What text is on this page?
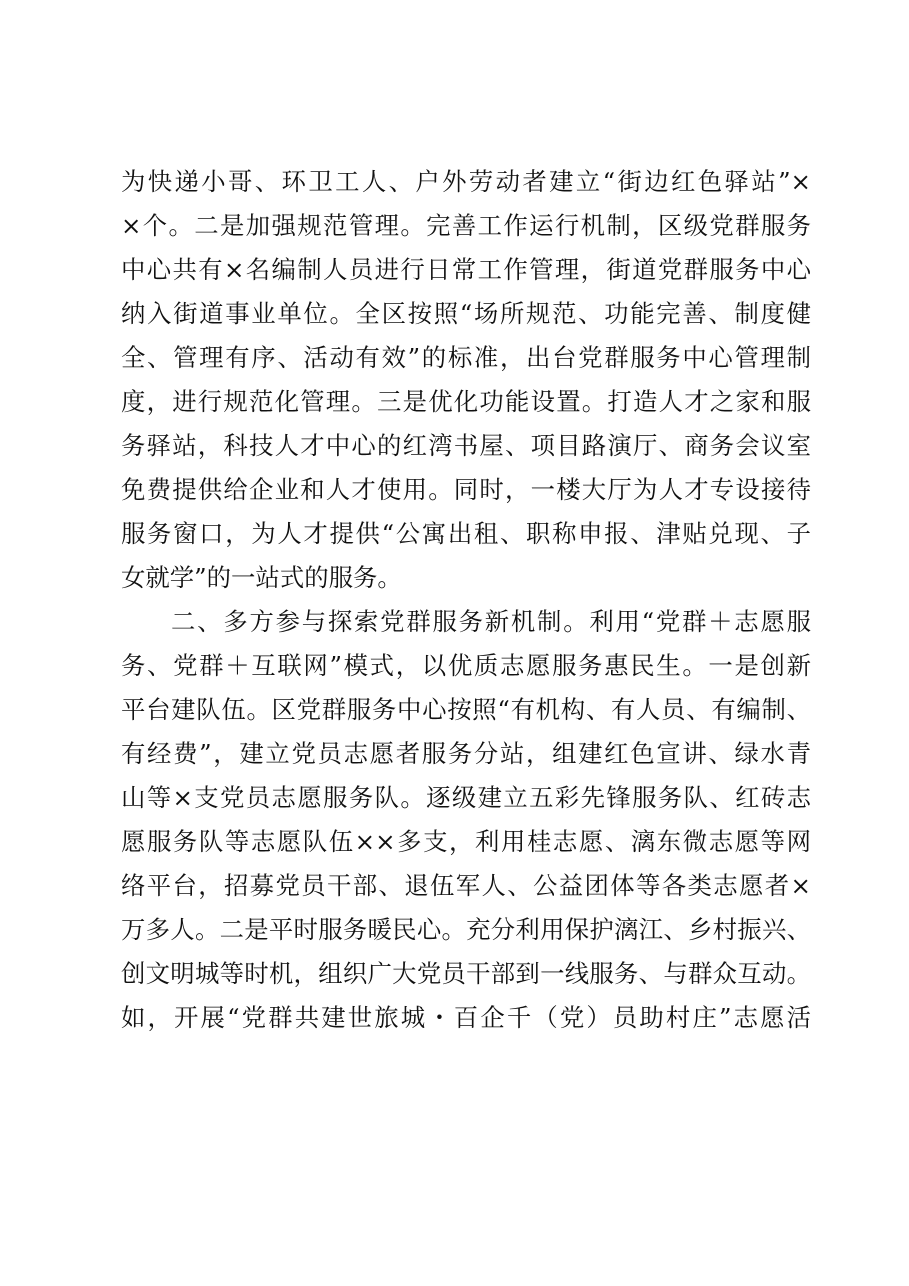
为快递小哥、环卫工人、户外劳动者建立“街边红色驿站”×
×个。二是加强规范管理。完善工作运行机制，区级党群服务
中心共有×名编制人员进行日常工作管理，街道党群服务中心
纳入街道事业单位。全区按照“场所规范、功能完善、制度健
全、管理有序、活动有效”的标准，出台党群服务中心管理制
度，进行规范化管理。三是优化功能设置。打造人才之家和服
务驿站，科技人才中心的红湾书屋、项目路演厅、商务会议室
免费提供给企业和人才使用。同时，一楼大厅为人才专设接待
服务窗口，为人才提供“公寓出租、职称申报、津贴兑现、子
女就学”的一站式的服务。
二、多方参与探索党群服务新机制。利用“党群＋志愿服
务、党群＋互联网”模式，以优质志愿服务惠民生。一是创新
平台建队伍。区党群服务中心按照“有机构、有人员、有编制、
有经费”，建立党员志愿者服务分站，组建红色宣讲、绿水青
山等×支党员志愿服务队。逐级建立五彩先锋服务队、红砖志
愿服务队等志愿队伍××多支，利用桂志愿、漓东微志愿等网
络平台，招募党员干部、退伍军人、公益团体等各类志愿者×
万多人。二是平时服务暖民心。充分利用保护漓江、乡村振兴、
创文明城等时机，组织广大党员干部到一线服务、与群众互动。
如，开展“党群共建世旅城・百企千（党）员助村庄”志愿活
